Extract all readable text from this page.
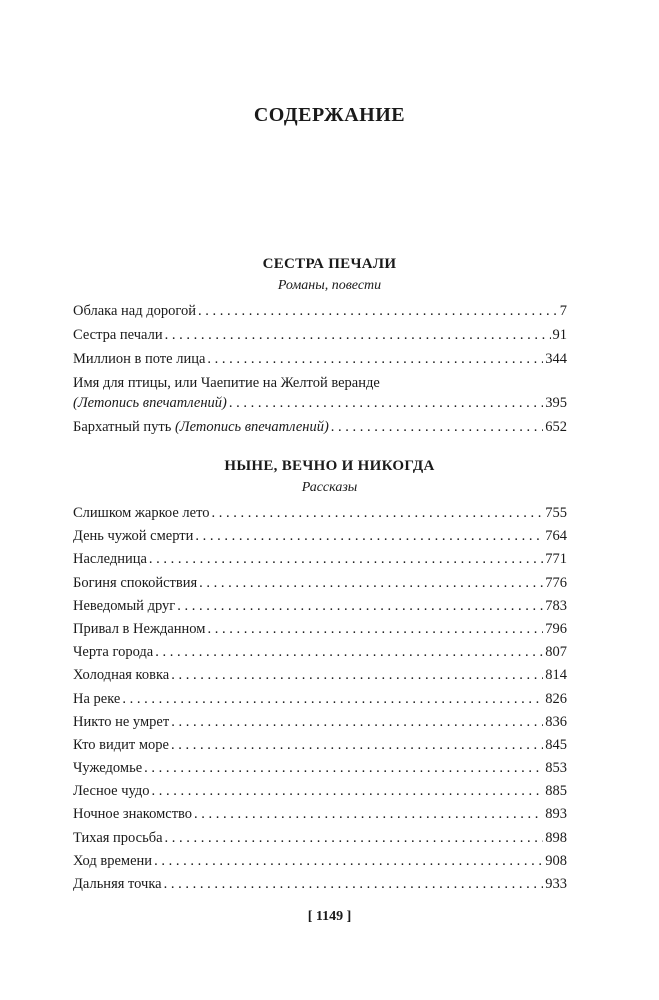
СОДЕРЖАНИЕ
СЕСТРА ПЕЧАЛИ
Романы, повести
Облака над дорогой . . .	7
Сестра печали . . .	91
Миллион в поте лица . . .	344
Имя для птицы, или Чаепитие на Желтой веранде
(Летопись впечатлений) . . .	395
Бархатный путь (Летопись впечатлений) . . .	652
НЫНЕ, ВЕЧНО И НИКОГДА
Рассказы
Слишком жаркое лето . . .	755
День чужой смерти . . .	764
Наследница . . .	771
Богиня спокойствия . . .	776
Неведомый друг . . .	783
Привал в Нежданном . . .	796
Черта города . . .	807
Холодная ковка . . .	814
На реке . . .	826
Никто не умрет . . .	836
Кто видит море . . .	845
Чужедомье . . .	853
Лесное чудо . . .	885
Ночное знакомство . . .	893
Тихая просьба . . .	898
Ход времени . . .	908
Дальняя точка . . .	933
[ 1149 ]
